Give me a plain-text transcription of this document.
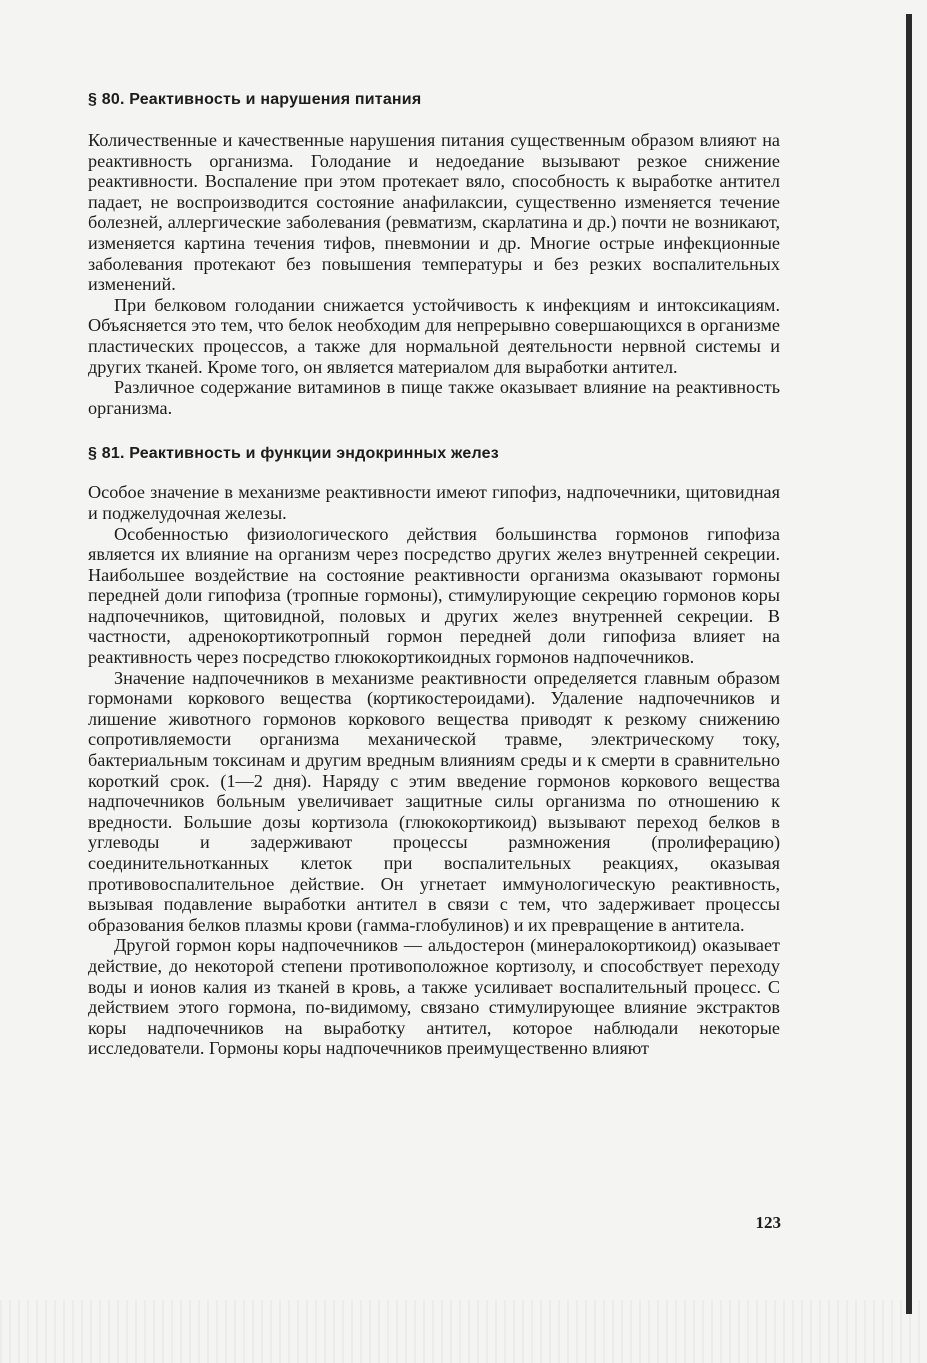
§ 80. Реактивность и нарушения питания

Количественные и качественные нарушения питания существенным образом влияют на реактивность организма. Голодание и недоедание вызывают резкое снижение реактивности. Воспаление при этом протекает вяло, способность к выработке антител падает, не воспроизводится состояние анафилаксии, существенно изменяется течение болезней, аллергические заболевания (ревматизм, скарлатина и др.) почти не возникают, изменяется картина течения тифов, пневмонии и др. Многие острые инфекционные заболевания протекают без повышения температуры и без резких воспалительных изменений.

При белковом голодании снижается устойчивость к инфекциям и интоксикациям. Объясняется это тем, что белок необходим для непрерывно совершающихся в организме пластических процессов, а также для нормальной деятельности нервной системы и других тканей. Кроме того, он является материалом для выработки антител.

Различное содержание витаминов в пище также оказывает влияние на реактивность организма.

§ 81. Реактивность и функции эндокринных желез

Особое значение в механизме реактивности имеют гипофиз, надпочечники, щитовидная и поджелудочная железы.

Особенностью физиологического действия большинства гормонов гипофиза является их влияние на организм через посредство других желез внутренней секреции. Наибольшее воздействие на состояние реактивности организма оказывают гормоны передней доли гипофиза (тропные гормоны), стимулирующие секрецию гормонов коры надпочечников, щитовидной, половых и других желез внутренней секреции. В частности, адренокортикотропный гормон передней доли гипофиза влияет на реактивность через посредство глюкокортикоидных гормонов надпочечников.

Значение надпочечников в механизме реактивности определяется главным образом гормонами коркового вещества (кортикостероидами). Удаление надпочечников и лишение животного гормонов коркового вещества приводят к резкому снижению сопротивляемости организма механической травме, электрическому току, бактериальным токсинам и другим вредным влияниям среды и к смерти в сравнительно короткий срок. (1—2 дня). Наряду с этим введение гормонов коркового вещества надпочечников больным увеличивает защитные силы организма по отношению к вредности. Большие дозы кортизола (глюкокортикоид) вызывают переход белков в углеводы и задерживают процессы размножения (пролиферацию) соединительнотканных клеток при воспалительных реакциях, оказывая противовоспалительное действие. Он угнетает иммунологическую реактивность, вызывая подавление выработки антител в связи с тем, что задерживает процессы образования белков плазмы крови (гамма-глобулинов) и их превращение в антитела.

Другой гормон коры надпочечников — альдостерон (минералокортикоид) оказывает действие, до некоторой степени противоположное кортизолу, и способствует переходу воды и ионов калия из тканей в кровь, а также усиливает воспалительный процесс. С действием этого гормона, по-видимому, связано стимулирующее влияние экстрактов коры надпочечников на выработку антител, которое наблюдали некоторые исследователи. Гормоны коры надпочечников преимущественно влияют

123
